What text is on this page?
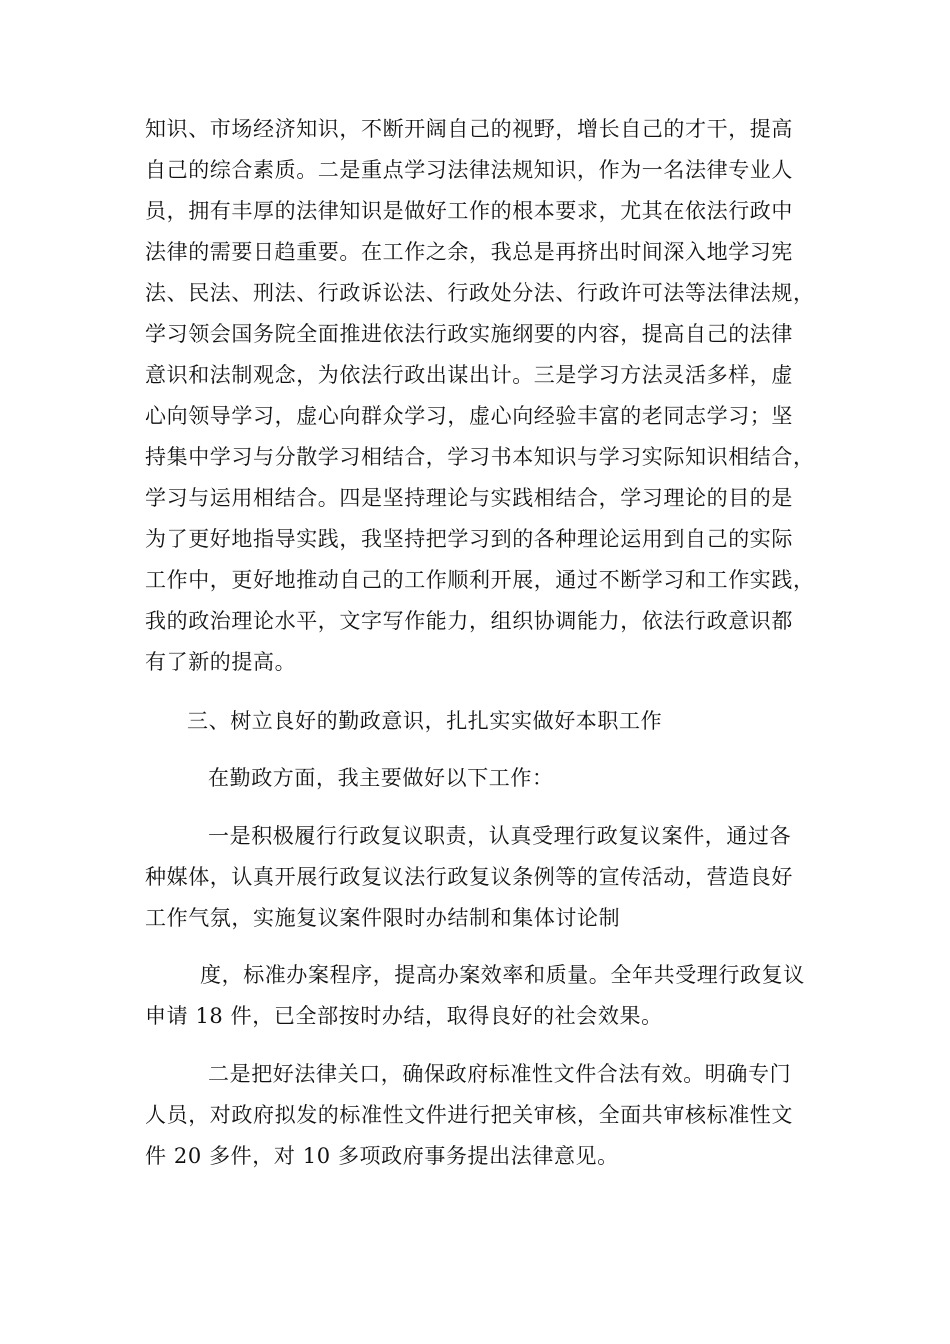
知识、市场经济知识，不断开阔自己的视野，增长自己的才干，提高

自己的综合素质。二是重点学习法律法规知识，作为一名法律专业人

员，拥有丰厚的法律知识是做好工作的根本要求，尤其在依法行政中

法律的需要日趋重要。在工作之余，我总是再挤出时间深入地学习宪

法、民法、刑法、行政诉讼法、行政处分法、行政许可法等法律法规，

学习领会国务院全面推进依法行政实施纲要的内容，提高自己的法律

意识和法制观念，为依法行政出谋出计。三是学习方法灵活多样，虚

心向领导学习，虚心向群众学习，虚心向经验丰富的老同志学习；坚

持集中学习与分散学习相结合，学习书本知识与学习实际知识相结合，

学习与运用相结合。四是坚持理论与实践相结合，学习理论的目的是

为了更好地指导实践，我坚持把学习到的各种理论运用到自己的实际

工作中，更好地推动自己的工作顺利开展，通过不断学习和工作实践，

我的政治理论水平，文字写作能力，组织协调能力，依法行政意识都

有了新的提高。

三、树立良好的勤政意识，扎扎实实做好本职工作

在勤政方面，我主要做好以下工作：

一是积极履行行政复议职责，认真受理行政复议案件，通过各

种媒体，认真开展行政复议法行政复议条例等的宣传活动，营造良好

工作气氛，实施复议案件限时办结制和集体讨论制

度，标准办案程序，提高办案效率和质量。全年共受理行政复议

申请 18 件，已全部按时办结，取得良好的社会效果。

二是把好法律关口，确保政府标准性文件合法有效。明确专门

人员，对政府拟发的标准性文件进行把关审核，全面共审核标准性文

件 20 多件，对 10 多项政府事务提出法律意见。
